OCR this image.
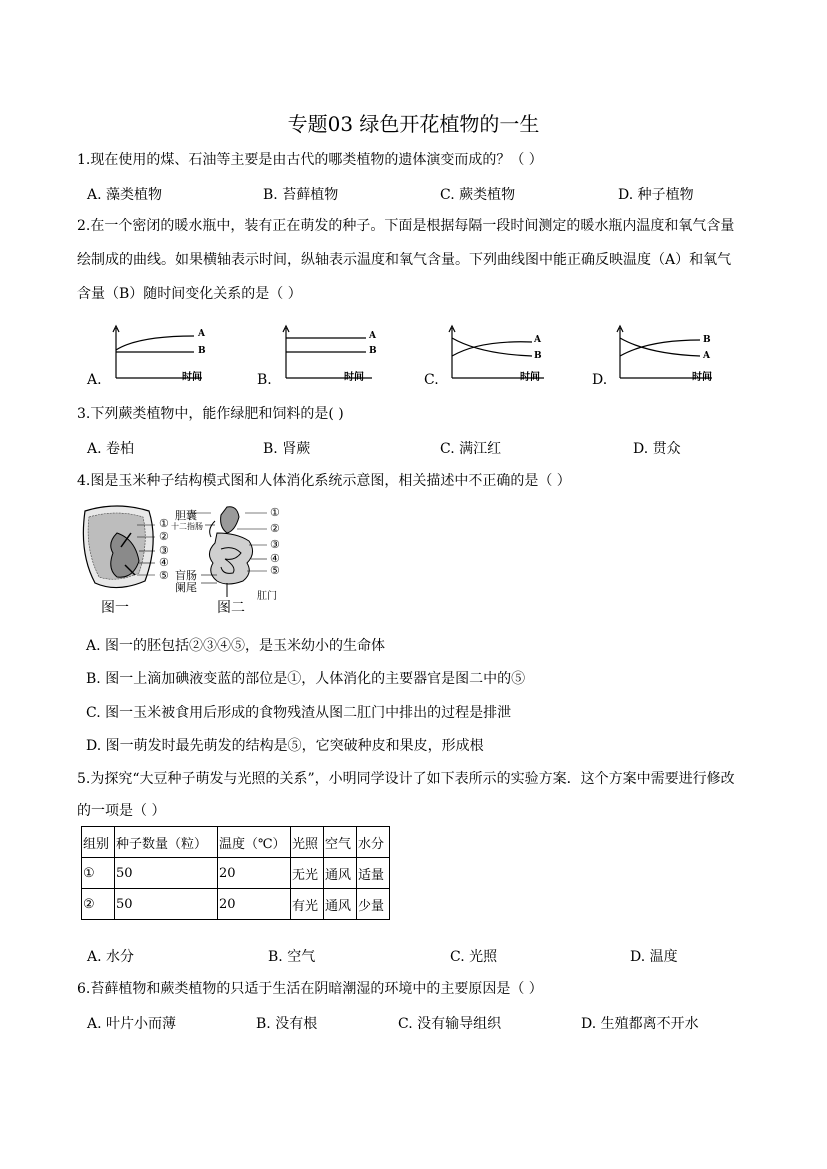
专题03 绿色开花植物的一生
1.现在使用的煤、石油等主要是由古代的哪类植物的遗体演变而成的？（ ）
A. 藻类植物	B. 苔藓植物	C. 蕨类植物	D. 种子植物
2.在一个密闭的暖水瓶中，装有正在萌发的种子。下面是根据每隔一段时间测定的暖水瓶内温度和氧气含量
绘制成的曲线。如果横轴表示时间，纵轴表示温度和氧气含量。下列曲线图中能正确反映温度（A）和氧气
含量（B）随时间变化关系的是（ ）
A.
A
B
时间	B.
A
B
时间	C.
A
B
时间	D.
B
A
时间
3.下列蕨类植物中，能作绿肥和饲料的是( )
A. 卷柏	B. 肾蕨	C. 满江红	D. 贯众
4.图是玉米种子结构模式图和人体消化系统示意图，相关描述中不正确的是（ ）
①
②
③
④
⑤
胆囊
十二指肠
盲肠
阑尾
肛门
①
②
③
④
⑤
图一	图二
A. 图一的胚包括②③④⑤，是玉米幼小的生命体
B. 图一上滴加碘液变蓝的部位是①，人体消化的主要器官是图二中的⑤
C. 图一玉米被食用后形成的食物残渣从图二肛门中排出的过程是排泄
D. 图一萌发时最先萌发的结构是⑤，它突破种皮和果皮，形成根
5.为探究“大豆种子萌发与光照的关系”，小明同学设计了如下表所示的实验方案．这个方案中需要进行修改
的一项是（ ）
组别	种子数量（粒）	温度（℃）	光照	空气	水分
①	50	20	无光	通风	适量
②	50	20	有光	通风	少量
A. 水分	B. 空气	C. 光照	D. 温度
6.苔藓植物和蕨类植物的只适于生活在阴暗潮湿的环境中的主要原因是（ ）
A. 叶片小而薄	B. 没有根	C. 没有输导组织	D. 生殖都离不开水
